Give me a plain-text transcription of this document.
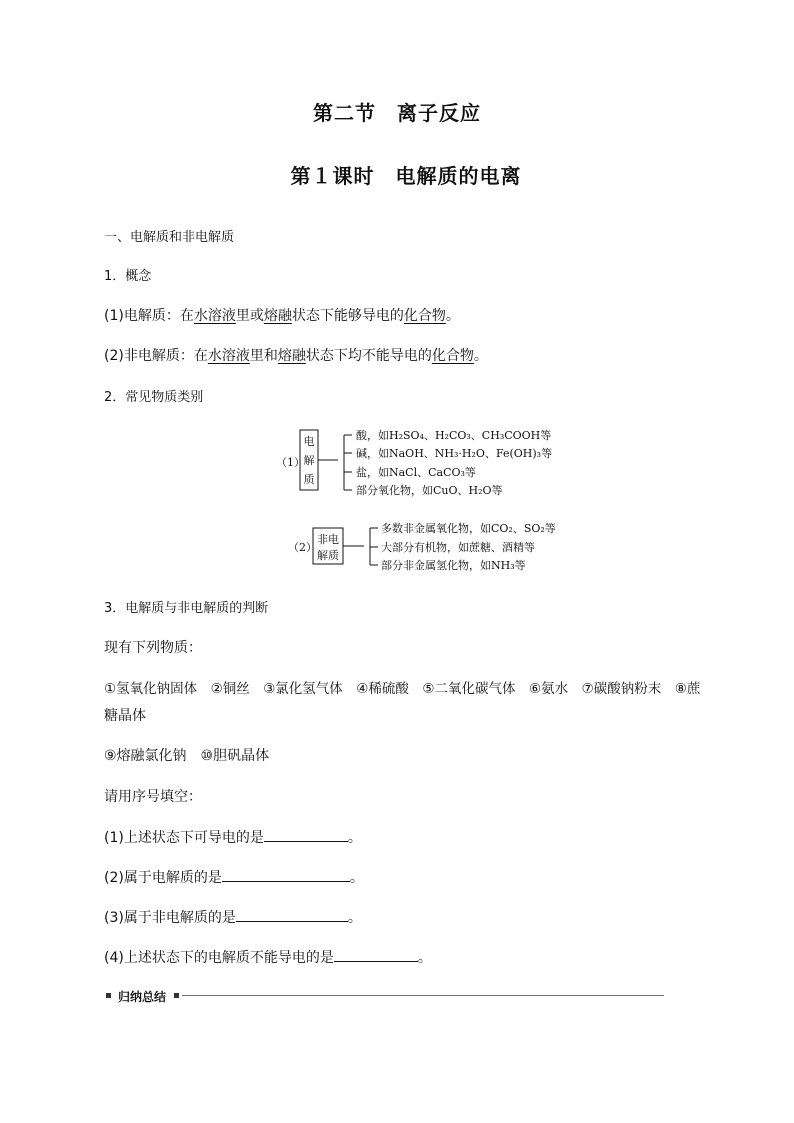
第二节　离子反应
第１课时　电解质的电离
一、电解质和非电解质
1．概念
(1)电解质：在水溶液里或熔融状态下能够导电的化合物。
(2)非电解质：在水溶液里和熔融状态下均不能导电的化合物。
2．常见物质类别
（1）
电
解
质
酸，如H₂SO₄、H₂CO₃、CH₃COOH等
碱，如NaOH、NH₃·H₂O、Fe(OH)₃等
盐，如NaCl、CaCO₃等
部分氧化物，如CuO、H₂O等
（2）
非电
解质
多数非金属氧化物，如CO₂、SO₂等
大部分有机物，如蔗糖、酒精等
部分非金属氢化物，如NH₃等
3．电解质与非电解质的判断
现有下列物质：
①氢氧化钠固体　②铜丝　③氯化氢气体　④稀硫酸　⑤二氧化碳气体　⑥氨水　⑦碳酸钠粉末　⑧蔗
糖晶体
⑨熔融氯化钠　⑩胆矾晶体
请用序号填空：
(1)上述状态下可导电的是	。
(2)属于电解质的是	。
(3)属于非电解质的是	。
(4)上述状态下的电解质不能导电的是	。
归纳总结
